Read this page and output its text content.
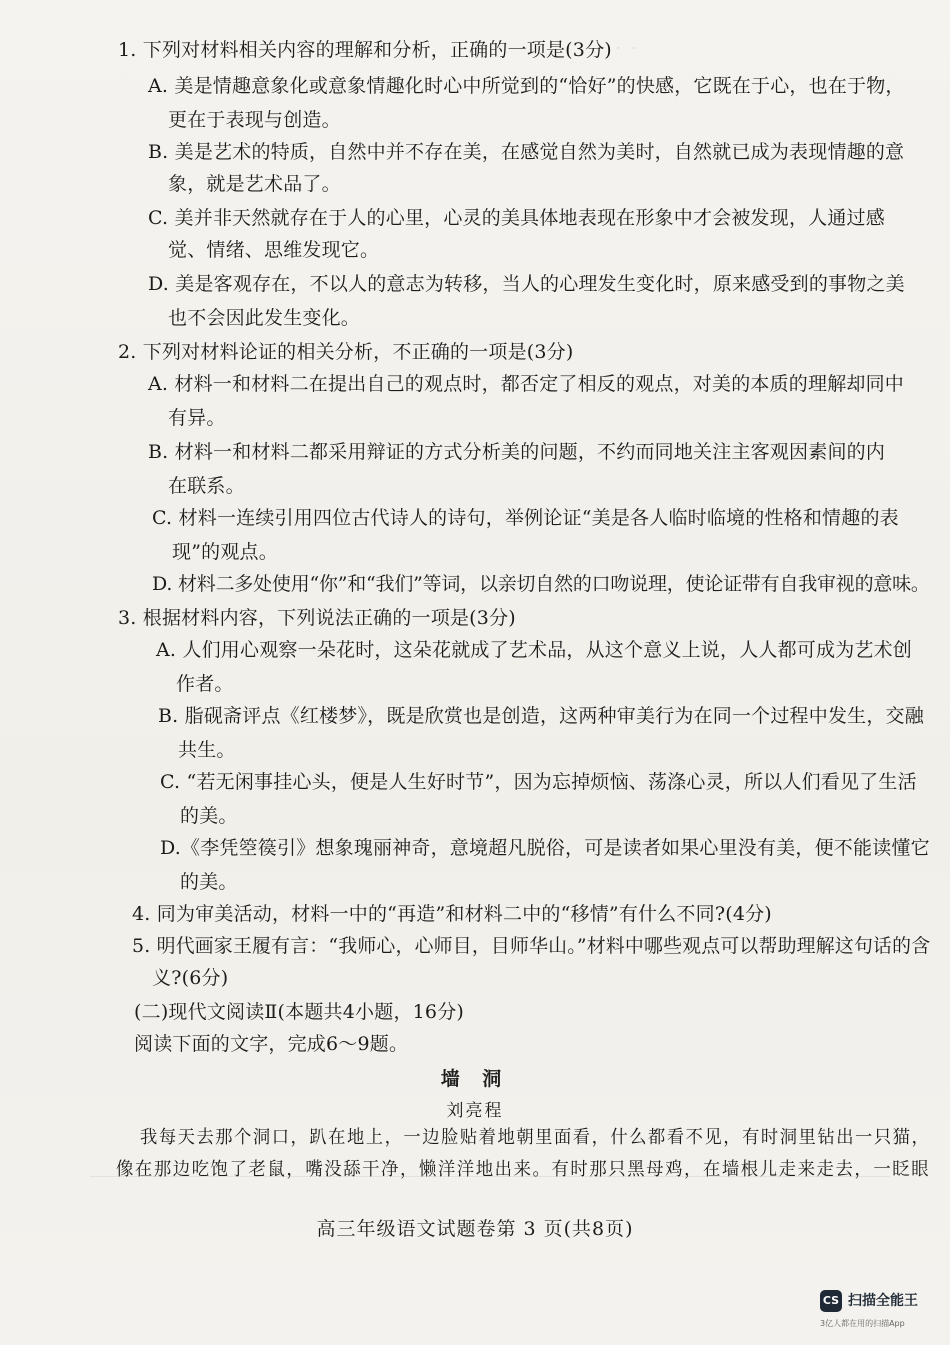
· · ·
1. 下列对材料相关内容的理解和分析，正确的一项是(3分)
A. 美是情趣意象化或意象情趣化时心中所觉到的“恰好”的快感，它既在于心，也在于物，
更在于表现与创造。
B. 美是艺术的特质，自然中并不存在美，在感觉自然为美时，自然就已成为表现情趣的意
象，就是艺术品了。
C. 美并非天然就存在于人的心里，心灵的美具体地表现在形象中才会被发现，人通过感
觉、情绪、思维发现它。
D. 美是客观存在，不以人的意志为转移，当人的心理发生变化时，原来感受到的事物之美
也不会因此发生变化。
2. 下列对材料论证的相关分析，不正确的一项是(3分)
A. 材料一和材料二在提出自己的观点时，都否定了相反的观点，对美的本质的理解却同中
有异。
B. 材料一和材料二都采用辩证的方式分析美的问题，不约而同地关注主客观因素间的内
在联系。
C. 材料一连续引用四位古代诗人的诗句，举例论证“美是各人临时临境的性格和情趣的表
现”的观点。
D. 材料二多处使用“你”和“我们”等词，以亲切自然的口吻说理，使论证带有自我审视的意味。
3. 根据材料内容，下列说法正确的一项是(3分)
A. 人们用心观察一朵花时，这朵花就成了艺术品，从这个意义上说，人人都可成为艺术创
作者。
B. 脂砚斋评点《红楼梦》，既是欣赏也是创造，这两种审美行为在同一个过程中发生，交融
共生。
C. “若无闲事挂心头，便是人生好时节”，因为忘掉烦恼、荡涤心灵，所以人们看见了生活
的美。
D.《李凭箜篌引》想象瑰丽神奇，意境超凡脱俗，可是读者如果心里没有美，便不能读懂它
的美。
4. 同为审美活动，材料一中的“再造”和材料二中的“移情”有什么不同?(4分)
5. 明代画家王履有言：“我师心，心师目，目师华山。”材料中哪些观点可以帮助理解这句话的含
义?(6分)
(二)现代文阅读Ⅱ(本题共4小题，16分)
阅读下面的文字，完成6～9题。
墙 洞
刘亮程
我每天去那个洞口，趴在地上，一边脸贴着地朝里面看，什么都看不见，有时洞里钻出一只猫，
像在那边吃饱了老鼠，嘴没舔干净，懒洋洋地出来。有时那只黑母鸡，在墙根儿走来走去，一眨眼
高三年级语文试题卷第 3 页(共8页)
CS 扫描全能王
3亿人都在用的扫描App
